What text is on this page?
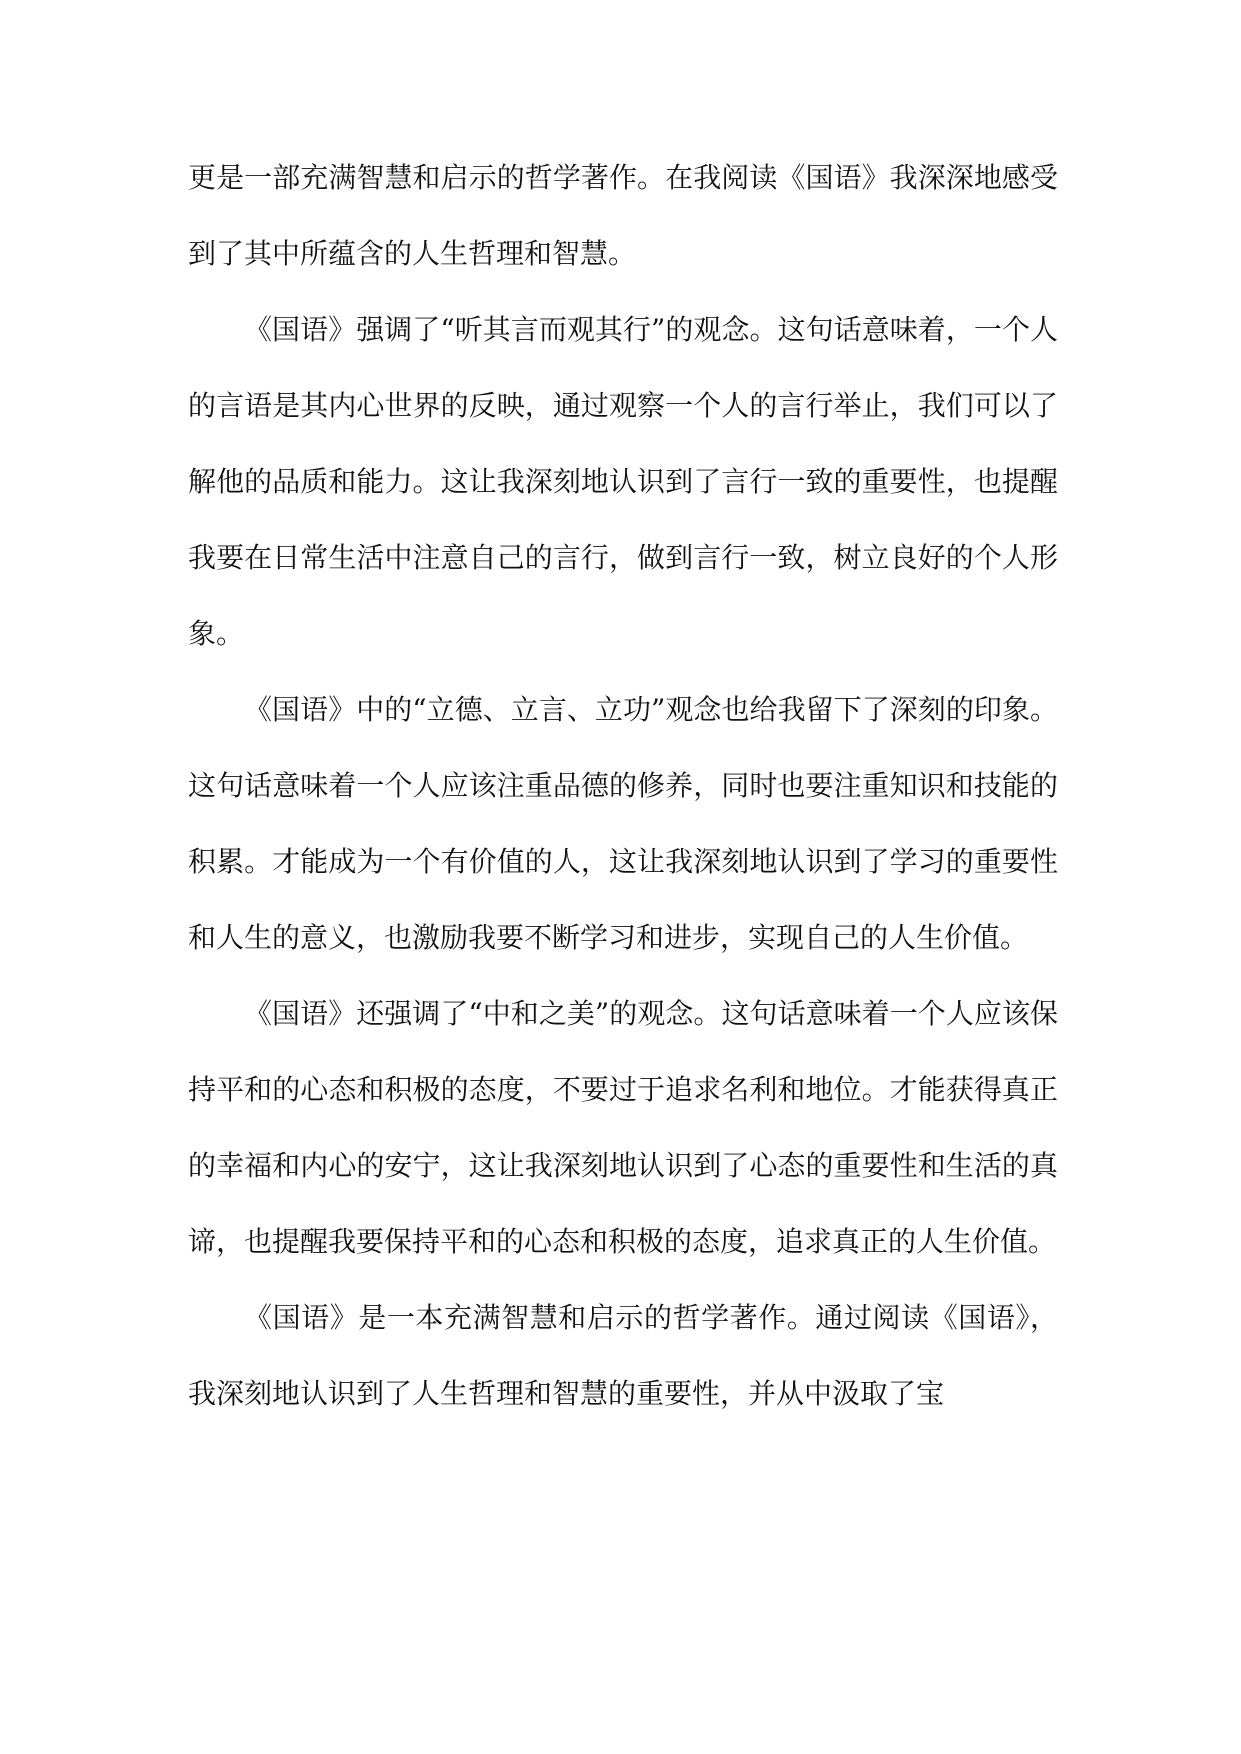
更是一部充满智慧和启示的哲学著作。在我阅读《国语》我深深地感受到了其中所蕴含的人生哲理和智慧。

《国语》强调了“听其言而观其行”的观念。这句话意味着，一个人的言语是其内心世界的反映，通过观察一个人的言行举止，我们可以了解他的品质和能力。这让我深刻地认识到了言行一致的重要性，也提醒我要在日常生活中注意自己的言行，做到言行一致，树立良好的个人形象。

《国语》中的“立德、立言、立功”观念也给我留下了深刻的印象。这句话意味着一个人应该注重品德的修养，同时也要注重知识和技能的积累。才能成为一个有价值的人，这让我深刻地认识到了学习的重要性和人生的意义，也激励我要不断学习和进步，实现自己的人生价值。

《国语》还强调了“中和之美”的观念。这句话意味着一个人应该保持平和的心态和积极的态度，不要过于追求名利和地位。才能获得真正的幸福和内心的安宁，这让我深刻地认识到了心态的重要性和生活的真谛，也提醒我要保持平和的心态和积极的态度，追求真正的人生价值。

《国语》是一本充满智慧和启示的哲学著作。通过阅读《国语》，我深刻地认识到了人生哲理和智慧的重要性，并从中汲取了宝
